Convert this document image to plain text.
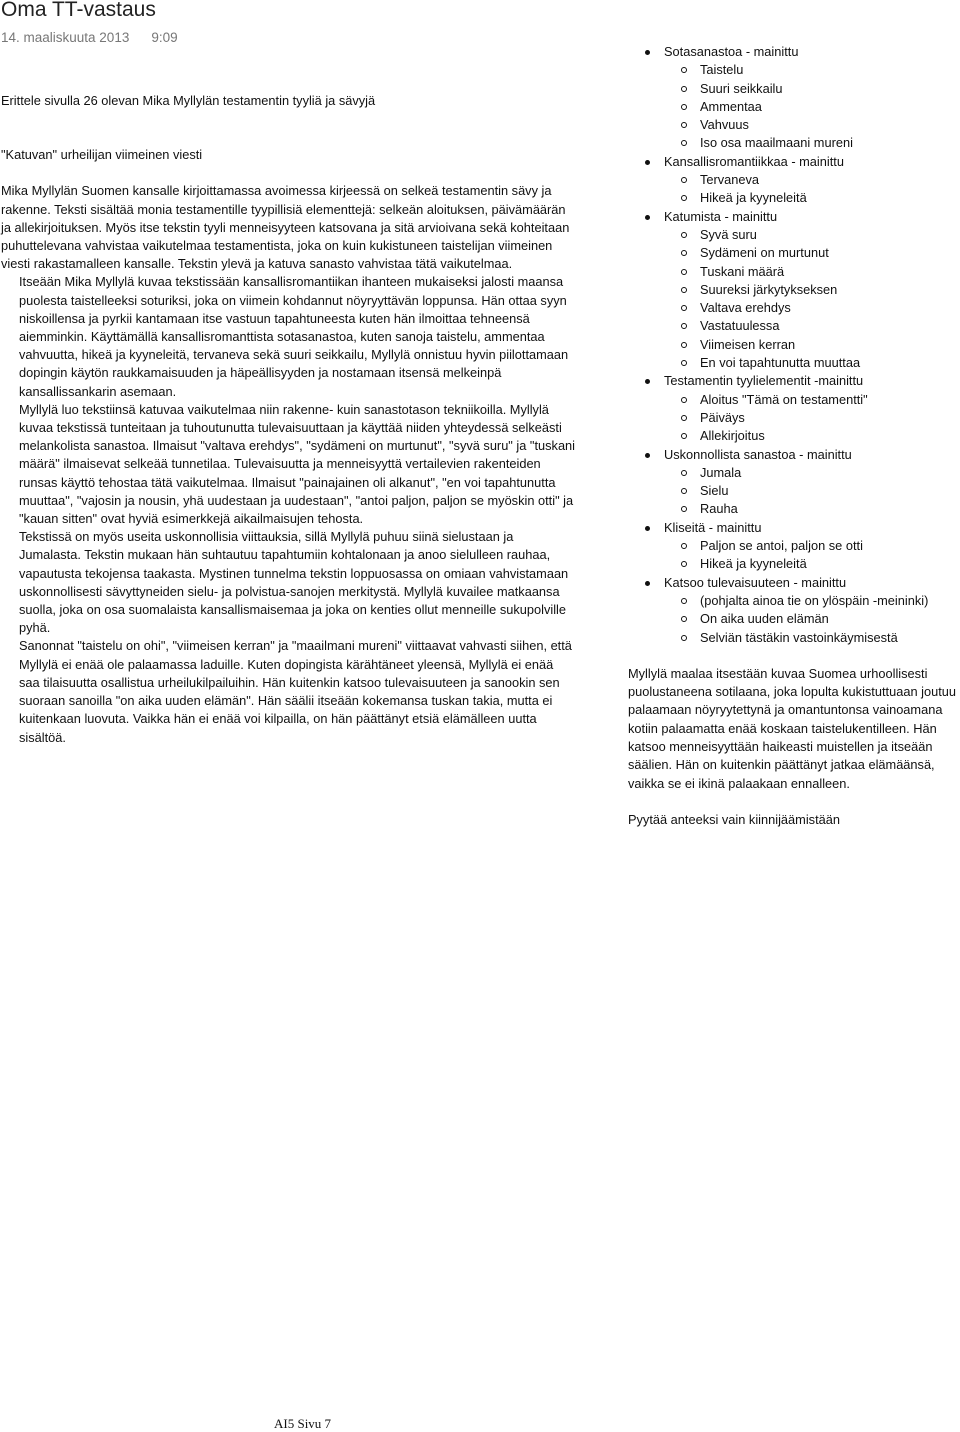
Oma TT-vastaus
14. maaliskuuta 2013 9:09

Erittele sivulla 26 olevan Mika Myllylän testamentin tyyliä ja sävyjä

"Katuvan" urheilijan viimeinen viesti

Mika Myllylän Suomen kansalle kirjoittamassa avoimessa kirjeessä on selkeä testamentin sävy ja rakenne. Teksti sisältää monia testamentille tyypillisiä elementtejä: selkeän aloituksen, päivämäärän ja allekirjoituksen. Myös itse tekstin tyyli menneisyyteen katsovana ja sitä arvioivana sekä kohteitaan puhuttelevana vahvistaa vaikutelmaa testamentista, joka on kuin kukistuneen taistelijan viimeinen viesti rakastamalleen kansalle. Tekstin ylevä ja katuva sanasto vahvistaa tätä vaikutelmaa.
Itseään Mika Myllylä kuvaa tekstissään kansallisromantiikan ihanteen mukaiseksi jalosti maansa puolesta taistelleeksi soturiksi, joka on viimein kohdannut nöyryyttävän loppunsa. Hän ottaa syyn niskoillensa ja pyrkii kantamaan itse vastuun tapahtuneesta kuten hän ilmoittaa tehneensä aiemminkin. Käyttämällä kansallisromanttista sotasanastoa, kuten sanoja taistelu, ammentaa vahvuutta, hikeä ja kyyneleitä, tervaneva sekä suuri seikkailu, Myllylä onnistuu hyvin piilottamaan dopingin käytön raukkamaisuuden ja häpeällisyyden ja nostamaan itsensä melkeinpä kansallissankarin asemaan.
Myllylä luo tekstiinsä katuvaa vaikutelmaa niin rakenne- kuin sanastotason tekniikoilla. Myllylä kuvaa tekstissä tunteitaan ja tuhoutunutta tulevaisuuttaan ja käyttää niiden yhteydessä selkeästi melankolista sanastoa. Ilmaisut "valtava erehdys", "sydämeni on murtunut", "syvä suru" ja "tuskani määrä" ilmaisevat selkeää tunnetilaa. Tulevaisuutta ja menneisyyttä vertailevien rakenteiden runsas käyttö tehostaa tätä vaikutelmaa. Ilmaisut "painajainen oli alkanut", "en voi tapahtunutta muuttaa", "vajosin ja nousin, yhä uudestaan ja uudestaan", "antoi paljon, paljon se myöskin otti" ja "kauan sitten" ovat hyviä esimerkkejä aikailmaisujen tehosta.
Tekstissä on myös useita uskonnollisia viittauksia, sillä Myllylä puhuu siinä sielustaan ja Jumalasta. Tekstin mukaan hän suhtautuu tapahtumiin kohtalonaan ja anoo sielulleen rauhaa, vapautusta tekojensa taakasta. Mystinen tunnelma tekstin loppuosassa on omiaan vahvistamaan uskonnollisesti sävyttyneiden sielu- ja polvistua-sanojen merkitystä. Myllylä kuvailee matkaansa suolla, joka on osa suomalaista kansallismaisemaa ja joka on kenties ollut menneille sukupolville pyhä.
Sanonnat "taistelu on ohi", "viimeisen kerran" ja "maailmani mureni" viittaavat vahvasti siihen, että Myllylä ei enää ole palaamassa laduille. Kuten dopingista kärähtäneet yleensä, Myllylä ei enää saa tilaisuutta osallistua urheilukilpailuihin. Hän kuitenkin katsoo tulevaisuuteen ja sanookin sen suoraan sanoilla "on aika uuden elämän". Hän säälii itseään kokemansa tuskan takia, mutta ei kuitenkaan luovuta. Vaikka hän ei enää voi kilpailla, on hän päättänyt etsiä elämälleen uutta sisältöä.
Sotasanastoa - mainittu
Taistelu
Suuri seikkailu
Ammentaa
Vahvuus
Iso osa maailmaani mureni
Kansallisromantiikkaa - mainittu
Tervaneva
Hikeä ja kyyneleitä
Katumista - mainittu
Syvä suru
Sydämeni on murtunut
Tuskani määrä
Suureksi järkytykseksen
Valtava erehdys
Vastatuulessa
Viimeisen kerran
En voi tapahtunutta muuttaa
Testamentin tyylielementit -mainittu
Aloitus "Tämä on testamentti"
Päiväys
Allekirjoitus
Uskonnollista sanastoa - mainittu
Jumala
Sielu
Rauha
Kliseitä - mainittu
Paljon se antoi, paljon se otti
Hikeä ja kyyneleitä
Katsoo tulevaisuuteen - mainittu
(pohjalta ainoa tie on ylöspäin -meininki)
On aika uuden elämän
Selviän tästäkin vastoinkäymisestä
Myllylä maalaa itsestään kuvaa Suomea urhoollisesti puolustaneena sotilaana, joka lopulta kukistuttuaan joutuu palaamaan nöyryytettynä ja omantuntonsa vainoamana kotiin palaamatta enää koskaan taistelukentilleen. Hän katsoo menneisyyttään haikeasti muistellen ja itseään säälien. Hän on kuitenkin päättänyt jatkaa elämäänsä, vaikka se ei ikinä palaakaan ennalleen.
Pyytää anteeksi vain kiinnijäämistään
AI5 Sivu 7
